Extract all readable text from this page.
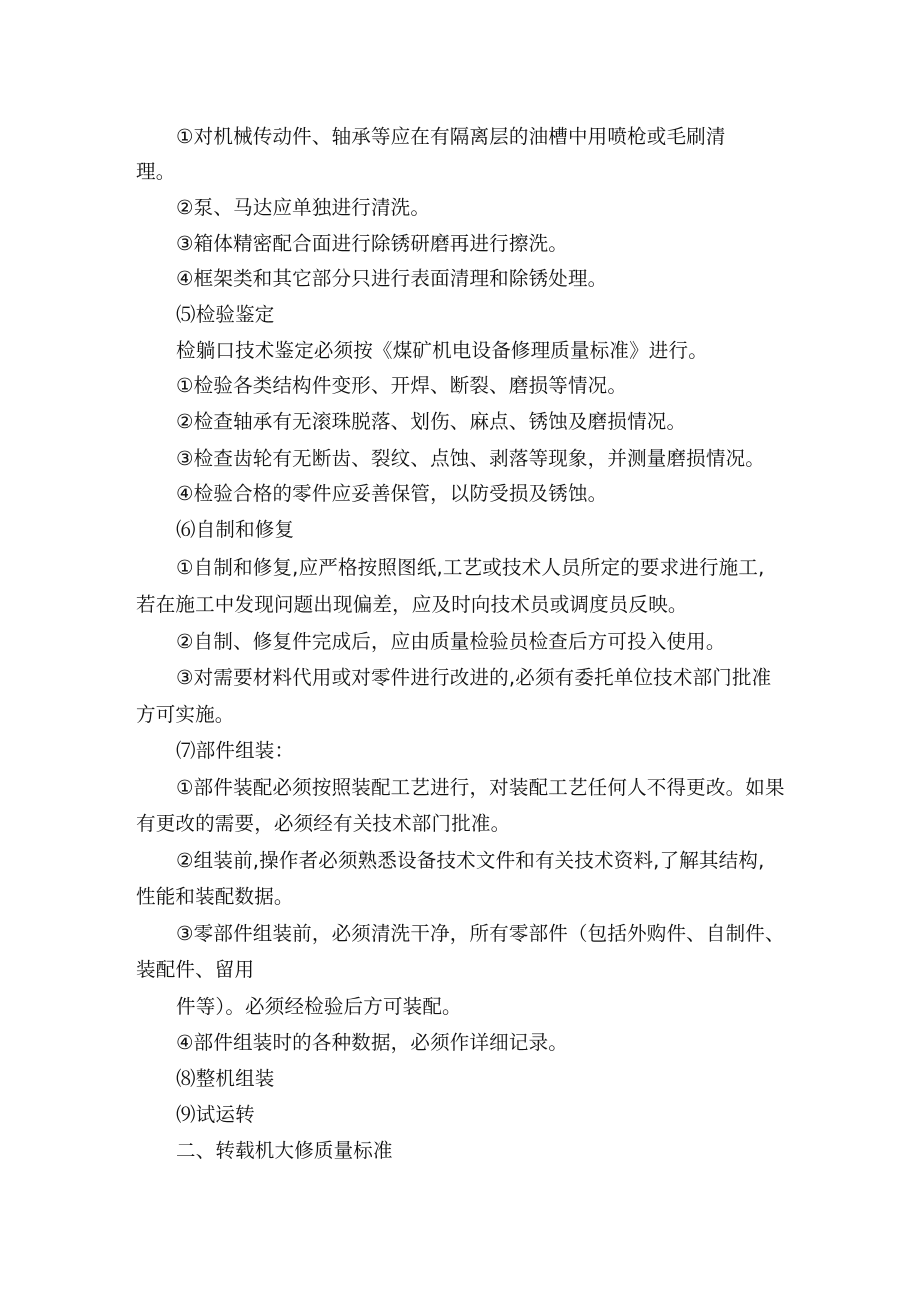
①对机械传动件、轴承等应在有隔离层的油槽中用喷枪或毛刷清
理。
②泵、马达应单独进行清洗。
③箱体精密配合面进行除锈研磨再进行擦洗。
④框架类和其它部分只进行表面清理和除锈处理。
⑸检验鉴定
检躺口技术鉴定必须按《煤矿机电设备修理质量标准》进行。
①检验各类结构件变形、开焊、断裂、磨损等情况。
②检查轴承有无滚珠脱落、划伤、麻点、锈蚀及磨损情况。
③检查齿轮有无断齿、裂纹、点蚀、剥落等现象，并测量磨损情况。
④检验合格的零件应妥善保管，以防受损及锈蚀。
⑹自制和修复
①自制和修复,应严格按照图纸,工艺或技术人员所定的要求进行施工,
若在施工中发现问题出现偏差，应及时向技术员或调度员反映。
②自制、修复件完成后，应由质量检验员检查后方可投入使用。
③对需要材料代用或对零件进行改进的,必须有委托单位技术部门批准
方可实施。
⑺部件组装：
①部件装配必须按照装配工艺进行，对装配工艺任何人不得更改。如果
有更改的需要，必须经有关技术部门批准。
②组装前,操作者必须熟悉设备技术文件和有关技术资料,了解其结构,
性能和装配数据。
③零部件组装前，必须清洗干净，所有零部件（包括外购件、自制件、
装配件、留用
件等）。必须经检验后方可装配。
④部件组装时的各种数据，必须作详细记录。
⑻整机组装
⑼试运转
二、转载机大修质量标准
